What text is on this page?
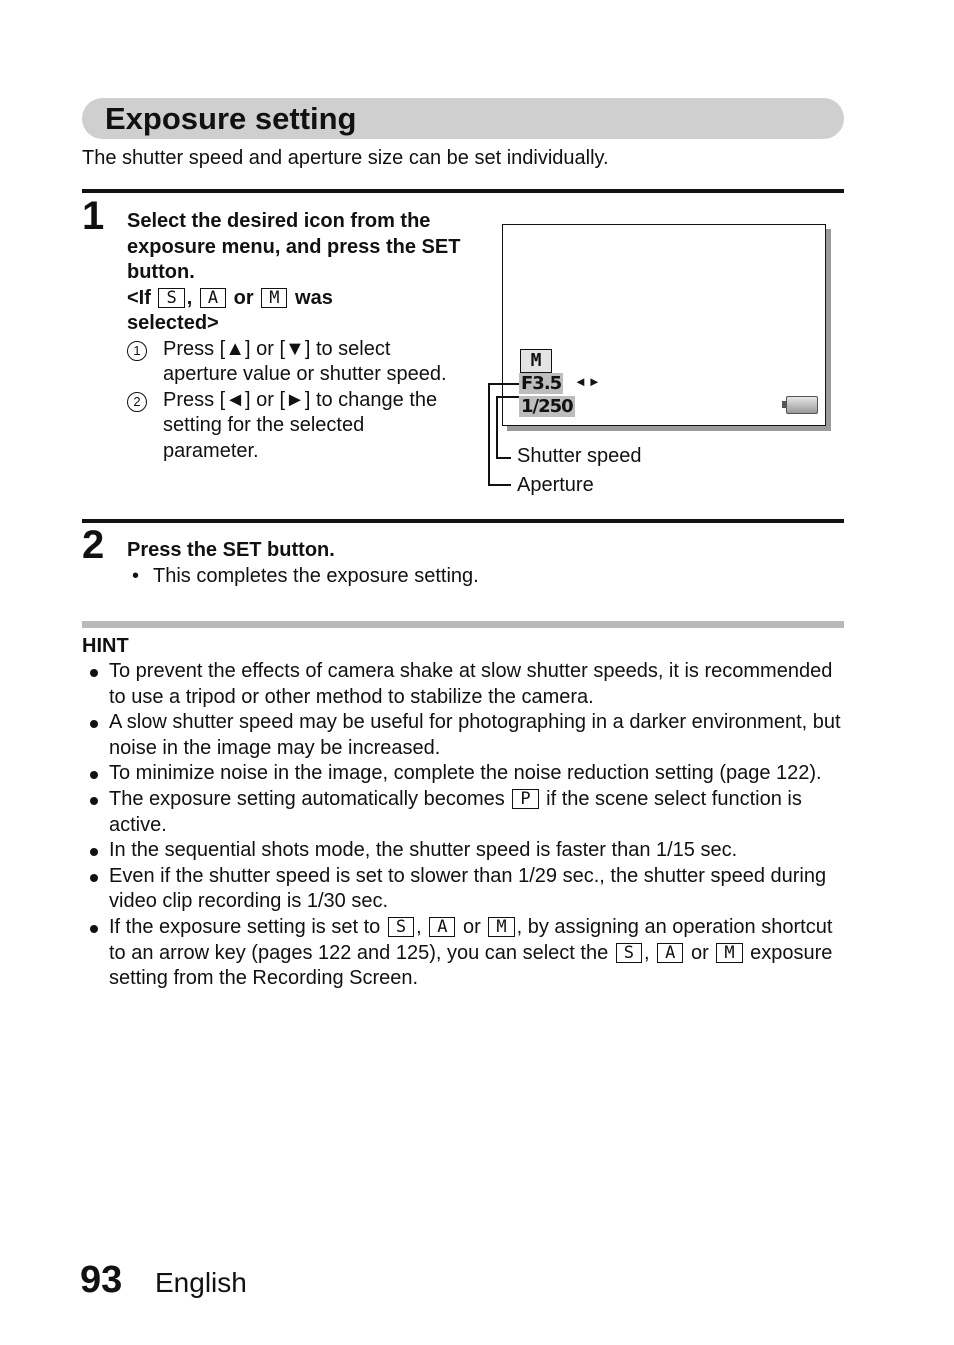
Exposure setting
The shutter speed and aperture size can be set individually.
1 Select the desired icon from the exposure menu, and press the SET button.
<If S , A or M was
selected>
1	Press [▲] or [▼] to select aperture value or shutter speed.
2	Press [◄] or [►] to change the setting for the selected parameter.
M
F3.5 ◄►
1/250
Shutter speed
Aperture
2 Press the SET button.
• This completes the exposure setting.
HINT
To prevent the effects of camera shake at slow shutter speeds, it is recommended to use a tripod or other method to stabilize the camera.
A slow shutter speed may be useful for photographing in a darker environment, but noise in the image may be increased.
To minimize noise in the image, complete the noise reduction setting (page 122).
The exposure setting automatically becomes P if the scene select function is active.
In the sequential shots mode, the shutter speed is faster than 1/15 sec.
Even if the shutter speed is set to slower than 1/29 sec., the shutter speed during video clip recording is 1/30 sec.
If the exposure setting is set to S , A or M , by assigning an operation shortcut to an arrow key (pages 122 and 125), you can select the S , A or M exposure setting from the Recording Screen.
93 English
